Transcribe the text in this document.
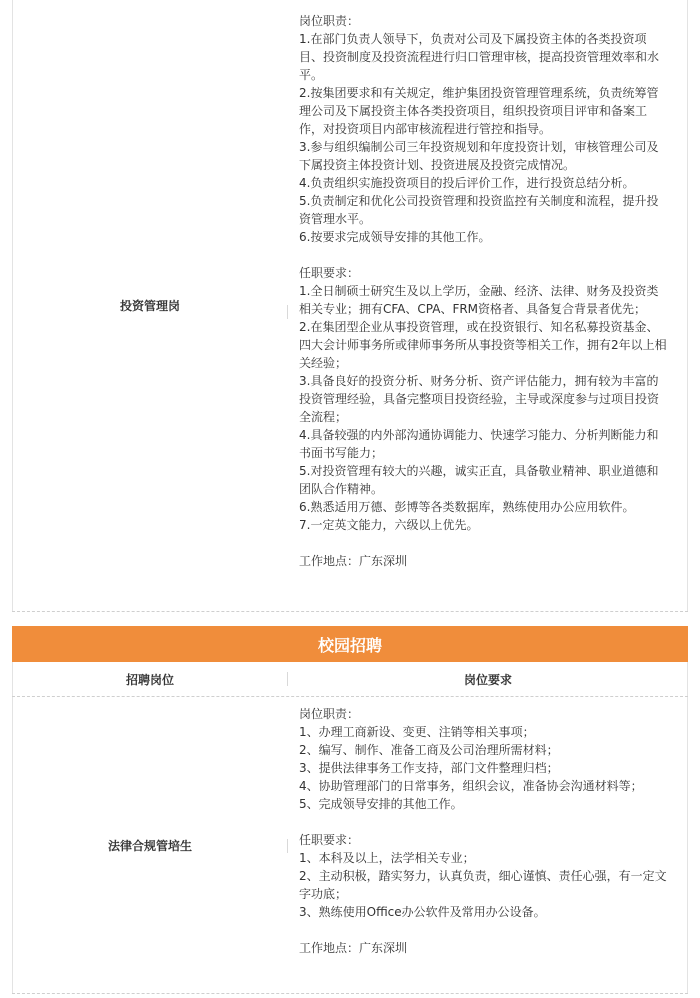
投资管理岗
岗位职责：
1.在部门负责人领导下，负责对公司及下属投资主体的各类投资项
目、投资制度及投资流程进行归口管理审核，提高投资管理效率和水
平。
2.按集团要求和有关规定，维护集团投资管理管理系统，负责统筹管
理公司及下属投资主体各类投资项目，组织投资项目评审和备案工
作，对投资项目内部审核流程进行管控和指导。
3.参与组织编制公司三年投资规划和年度投资计划，审核管理公司及
下属投资主体投资计划、投资进展及投资完成情况。
4.负责组织实施投资项目的投后评价工作，进行投资总结分析。
5.负责制定和优化公司投资管理和投资监控有关制度和流程，提升投
资管理水平。
6.按要求完成领导安排的其他工作。

任职要求：
1.全日制硕士研究生及以上学历，金融、经济、法律、财务及投资类
相关专业；拥有CFA、CPA、FRM资格者、具备复合背景者优先；
2.在集团型企业从事投资管理，或在投资银行、知名私募投资基金、
四大会计师事务所或律师事务所从事投资等相关工作，拥有2年以上相
关经验；
3.具备良好的投资分析、财务分析、资产评估能力，拥有较为丰富的
投资管理经验，具备完整项目投资经验，主导或深度参与过项目投资
全流程；
4.具备较强的内外部沟通协调能力、快速学习能力、分析判断能力和
书面书写能力；
5.对投资管理有较大的兴趣，诚实正直，具备敬业精神、职业道德和
团队合作精神。
6.熟悉适用万德、彭博等各类数据库，熟练使用办公应用软件。
7.一定英文能力，六级以上优先。

工作地点：广东深圳
校园招聘
招聘岗位	岗位要求
法律合规管培生
岗位职责：
1、办理工商新设、变更、注销等相关事项；
2、编写、制作、准备工商及公司治理所需材料；
3、提供法律事务工作支持，部门文件整理归档；
4、协助管理部门的日常事务，组织会议，准备协会沟通材料等；
5、完成领导安排的其他工作。

任职要求：
1、本科及以上，法学相关专业；
2、主动积极，踏实努力，认真负责，细心谨慎、责任心强，有一定文
字功底；
3、熟练使用Office办公软件及常用办公设备。

工作地点：广东深圳
